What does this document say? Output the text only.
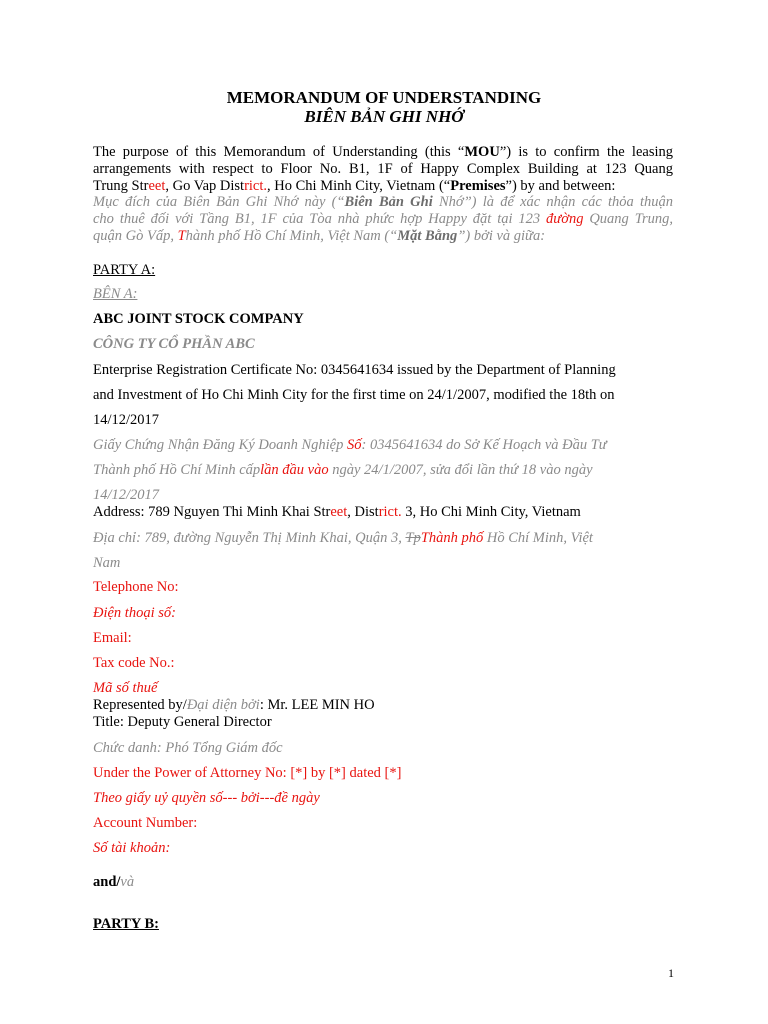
MEMORANDUM OF UNDERSTANDING

BIÊN BẢN GHI NHỚ

The purpose of this Memorandum of Understanding (this “MOU”) is to confirm the leasing
arrangements with respect to Floor No. B1, 1F of Happy Complex Building at 123 Quang
Trung Street, Go Vap District., Ho Chi Minh City, Vietnam (“Premises”) by and between:
Mục đích của Biên Bản Ghi Nhớ này (“Biên Bản Ghi Nhớ”) là để xác nhận các thỏa thuận
cho thuê đối với Tầng B1, 1F của Tòa nhà phức hợp Happy đặt tại 123 đường Quang Trung,
quận Gò Vấp, Thành phố Hồ Chí Minh, Việt Nam (“Mặt Bằng”) bởi và giữa:

PARTY A:

BÊN A:

ABC JOINT STOCK COMPANY

CÔNG TY CỔ PHẦN ABC

Enterprise Registration Certificate No: 0345641634 issued by the Department of Planning

and Investment of Ho Chi Minh City for the first time on 24/1/2007, modified the 18th on

14/12/2017

Giấy Chứng Nhận Đăng Ký Doanh Nghiệp Số: 0345641634 do Sở Kế Hoạch và Đầu Tư
Thành phố Hồ Chí Minh cấplần đầu vào ngày 24/1/2007, sửa đổi lần thứ 18 vào ngày

14/12/2017

Address: 789 Nguyen Thi Minh Khai Street, District. 3, Ho Chi Minh City, Vietnam
Địa chỉ: 789, đường Nguyễn Thị Minh Khai, Quận 3, TpThành phố Hồ Chí Minh, Việt

Nam

Telephone No:

Điện thoại số:

Email:

Tax code No.:

Mã số thuế

Represented by/Đại diện bởi: Mr. LEE MIN HO

Title: Deputy General Director

Chức danh: Phó Tổng Giám đốc

Under the Power of Attorney No: [*] by [*] dated [*]

Theo giấy uỷ quyền số--- bởi---đề ngày

Account Number:

Số tài khoản:

and/và

PARTY B:

1
